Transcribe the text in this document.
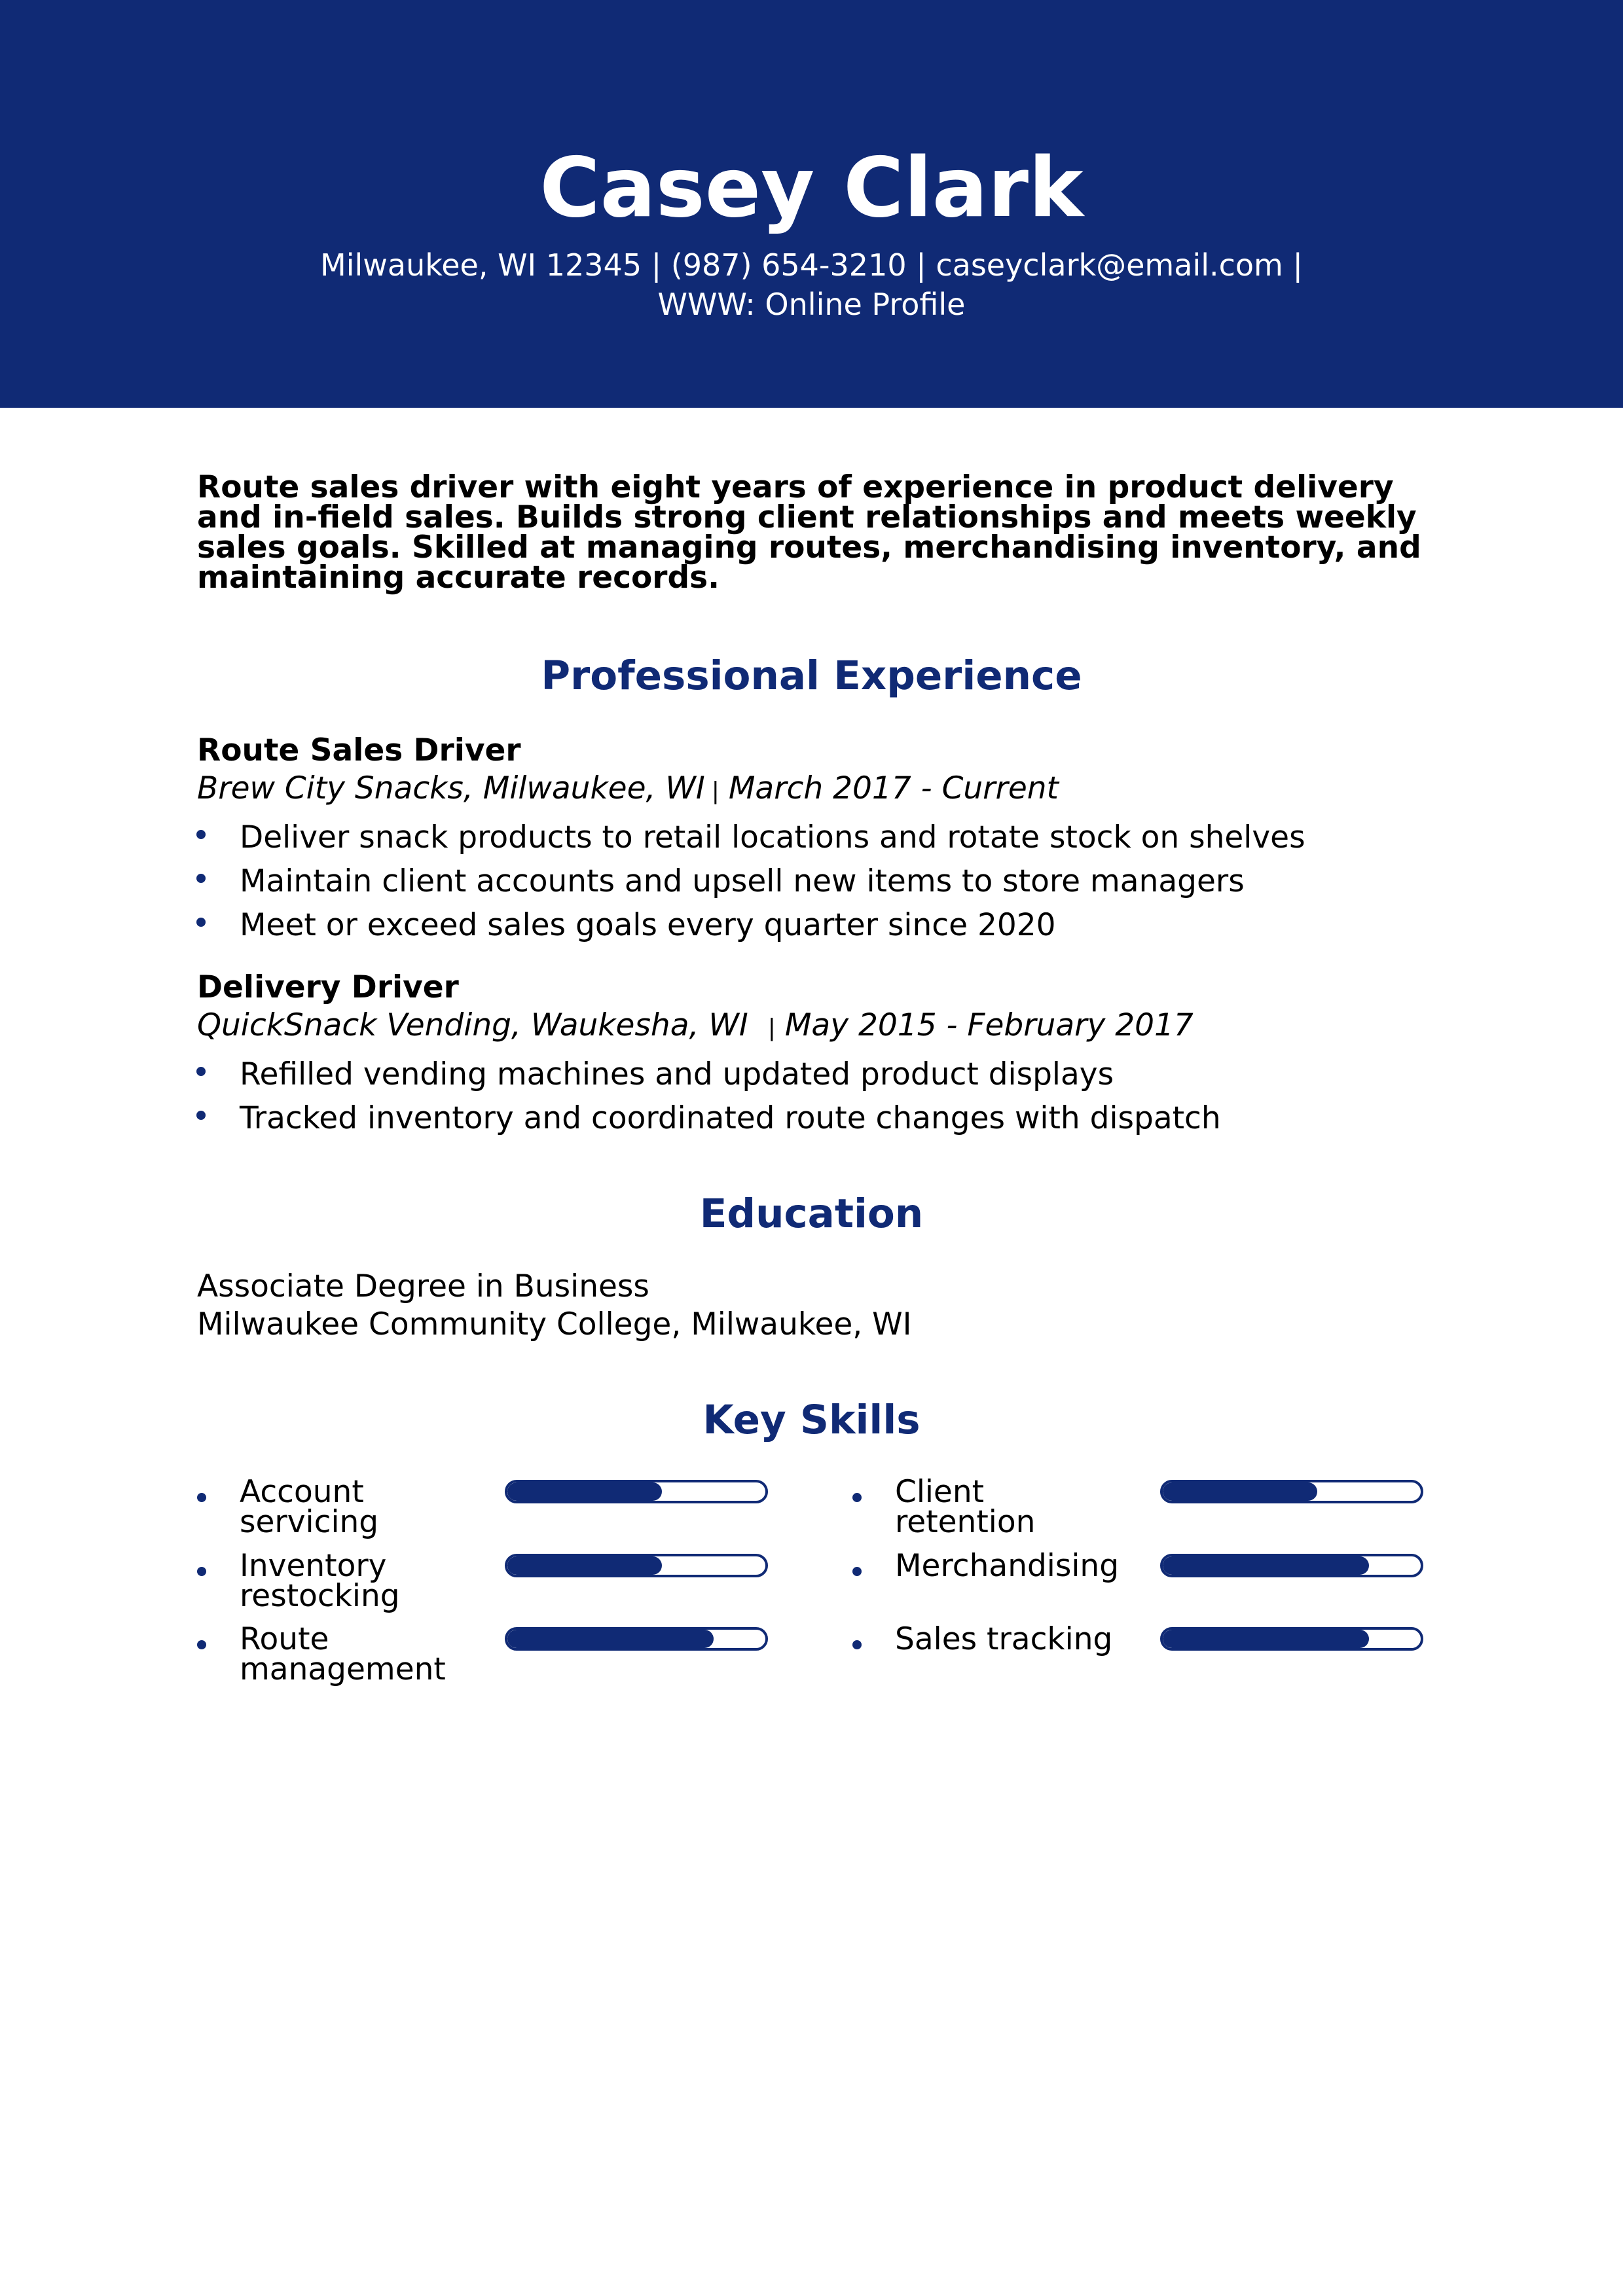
Casey Clark
Milwaukee, WI 12345 | (987) 654-3210 | caseyclark@email.com |
WWW: Online Profile
Route sales driver with eight years of experience in product delivery and in-field sales. Builds strong client relationships and meets weekly sales goals. Skilled at managing routes, merchandising inventory, and maintaining accurate records.
Professional Experience
Route Sales Driver
Brew City Snacks, Milwaukee, WI | March 2017 - Current
Deliver snack products to retail locations and rotate stock on shelves
Maintain client accounts and upsell new items to store managers
Meet or exceed sales goals every quarter since 2020
Delivery Driver
QuickSnack Vending, Waukesha, WI | May 2015 - February 2017
Refilled vending machines and updated product displays
Tracked inventory and coordinated route changes with dispatch
Education
Associate Degree in Business
Milwaukee Community College, Milwaukee, WI
Key Skills
Account servicing
Client retention
Inventory restocking
Merchandising
Route management
Sales tracking
